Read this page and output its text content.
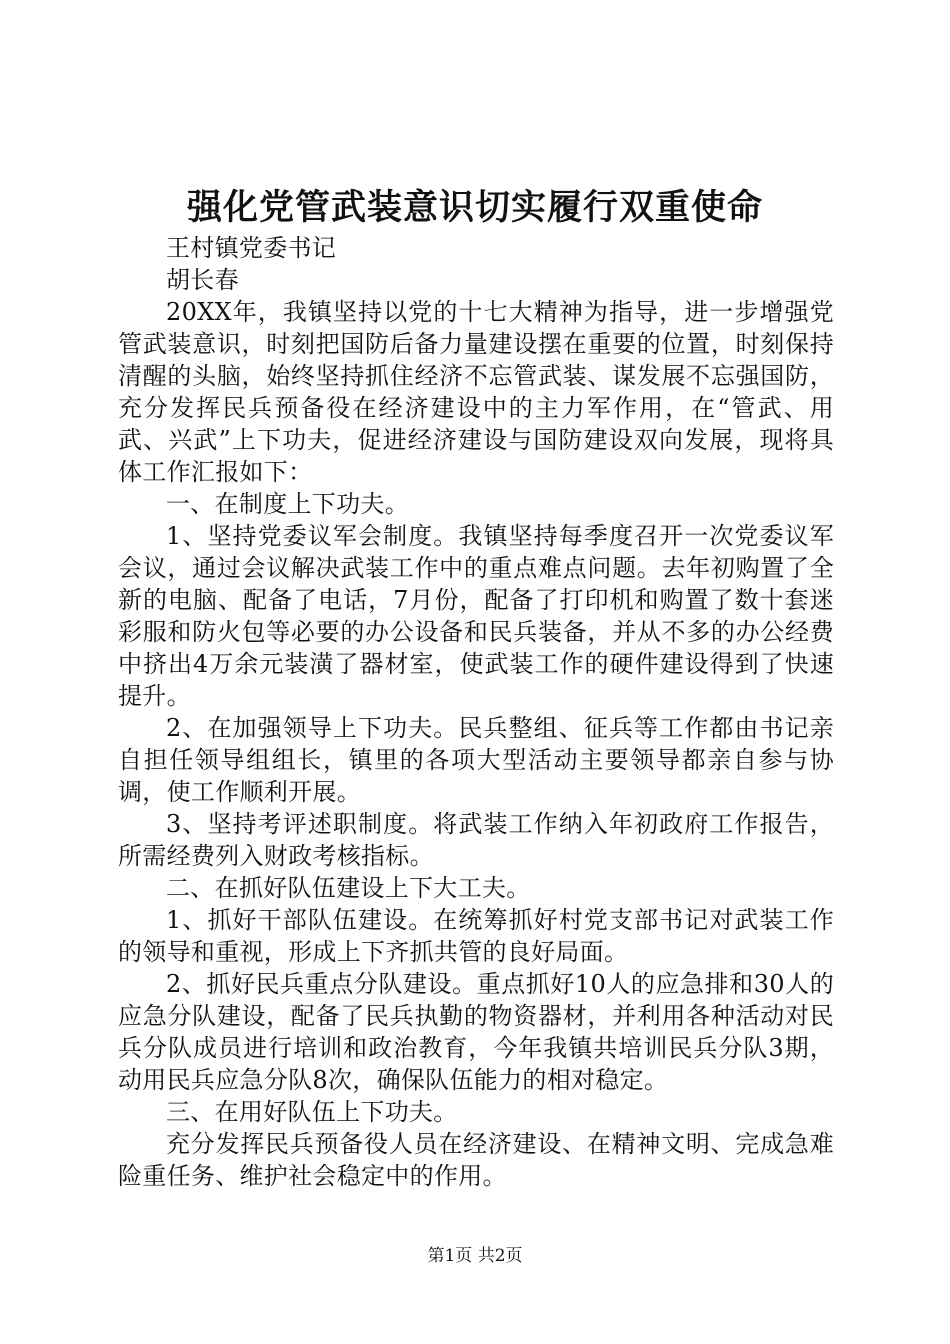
强化党管武装意识切实履行双重使命

王村镇党委书记

胡长春

20XX年，我镇坚持以党的十七大精神为指导，进一步增强党管武装意识，时刻把国防后备力量建设摆在重要的位置，时刻保持清醒的头脑，始终坚持抓住经济不忘管武装、谋发展不忘强国防，充分发挥民兵预备役在经济建设中的主力军作用，在“管武、用武、兴武”上下功夫，促进经济建设与国防建设双向发展，现将具体工作汇报如下：

一、在制度上下功夫。

1、坚持党委议军会制度。我镇坚持每季度召开一次党委议军会议，通过会议解决武装工作中的重点难点问题。去年初购置了全新的电脑、配备了电话，7月份，配备了打印机和购置了数十套迷彩服和防火包等必要的办公设备和民兵装备，并从不多的办公经费中挤出4万余元装潢了器材室，使武装工作的硬件建设得到了快速提升。

2、在加强领导上下功夫。民兵整组、征兵等工作都由书记亲自担任领导组组长，镇里的各项大型活动主要领导都亲自参与协调，使工作顺利开展。

3、坚持考评述职制度。将武装工作纳入年初政府工作报告，所需经费列入财政考核指标。

二、在抓好队伍建设上下大工夫。

1、抓好干部队伍建设。在统筹抓好村党支部书记对武装工作的领导和重视，形成上下齐抓共管的良好局面。

2、抓好民兵重点分队建设。重点抓好10人的应急排和30人的应急分队建设，配备了民兵执勤的物资器材，并利用各种活动对民兵分队成员进行培训和政治教育，今年我镇共培训民兵分队3期，动用民兵应急分队8次，确保队伍能力的相对稳定。

三、在用好队伍上下功夫。

充分发挥民兵预备役人员在经济建设、在精神文明、完成急难险重任务、维护社会稳定中的作用。

第1页 共2页
